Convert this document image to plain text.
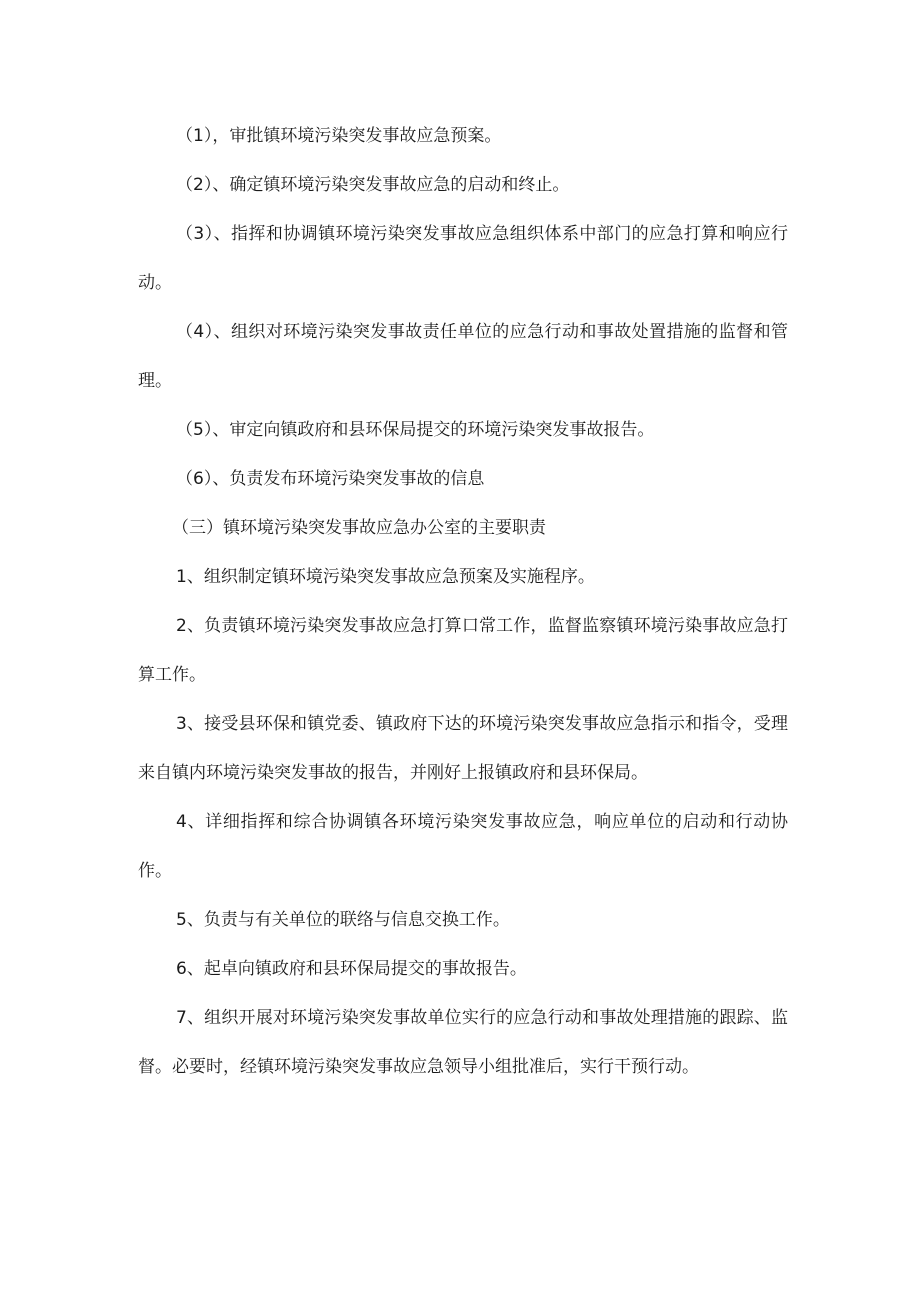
（1），审批镇环境污染突发事故应急预案。

（2）、确定镇环境污染突发事故应急的启动和终止。

（3）、指挥和协调镇环境污染突发事故应急组织体系中部门的应急打算和响应行动。

（4）、组织对环境污染突发事故责任单位的应急行动和事故处置措施的监督和管理。

（5）、审定向镇政府和县环保局提交的环境污染突发事故报告。

（6）、负责发布环境污染突发事故的信息

（三）镇环境污染突发事故应急办公室的主要职责

1、组织制定镇环境污染突发事故应急预案及实施程序。

2、负责镇环境污染突发事故应急打算口常工作，监督监察镇环境污染事故应急打算工作。

3、接受县环保和镇党委、镇政府下达的环境污染突发事故应急指示和指令，受理来自镇内环境污染突发事故的报告，并刚好上报镇政府和县环保局。

4、详细指挥和综合协调镇各环境污染突发事故应急，响应单位的启动和行动协作。

5、负责与有关单位的联络与信息交换工作。

6、起卓向镇政府和县环保局提交的事故报告。

7、组织开展对环境污染突发事故单位实行的应急行动和事故处理措施的跟踪、监督。必要时，经镇环境污染突发事故应急领导小组批准后，实行干预行动。
